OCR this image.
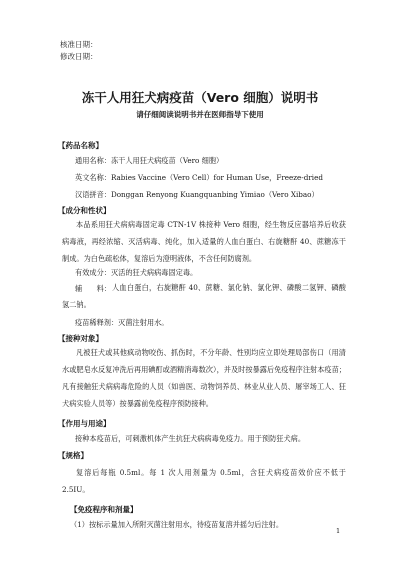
核准日期：
修改日期：
冻干人用狂犬病疫苗（Vero 细胞）说明书
请仔细阅读说明书并在医师指导下使用
【药品名称】
通用名称：冻干人用狂犬病疫苗（Vero 细胞）
英文名称：Rabies Vaccine（Vero Cell）for Human Use，Freeze-dried
汉语拼音：Donggan Renyong Kuangquanbing Yimiao（Vero Xibao）
【成分和性状】
本品系用狂犬病病毒固定毒 CTN-1V 株接种 Vero 细胞，经生物反应器培养后收获病毒液，再经浓缩、灭活病毒、纯化，加入适量的人血白蛋白、右旋糖酐 40、蔗糖冻干制成。为白色疏松体，复溶后为澄明液体，不含任何防腐剂。
有效成分：灭活的狂犬病病毒固定毒。
辅　　料： 人血白蛋白，右旋糖酐 40、蔗糖、氯化钠、氯化钾、磷酸二氢钾、磷酸氢二钠。
疫苗稀释剂：灭菌注射用水。
【接种对象】
凡被狂犬或其他疯动物咬伤、抓伤时，不分年龄、性别均应立即处理局部伤口（用清水或肥皂水反复冲洗后再用碘酊或酒精消毒数次），并及时按暴露后免疫程序注射本疫苗；凡有接触狂犬病病毒危险的人员（如兽医、动物饲养员、林业从业人员、屠宰场工人、狂犬病实验人员等）按暴露前免疫程序预防接种。
【作用与用途】
接种本疫苗后，可刺激机体产生抗狂犬病病毒免疫力。用于预防狂犬病。
【规格】
复溶后每瓶 0.5ml。每 1 次人用剂量为 0.5ml，含狂犬病疫苗效价应不低于 2.5IU。
【免疫程序和剂量】
（1）按标示量加入所附灭菌注射用水，待疫苗复溶并摇匀后注射。
1
